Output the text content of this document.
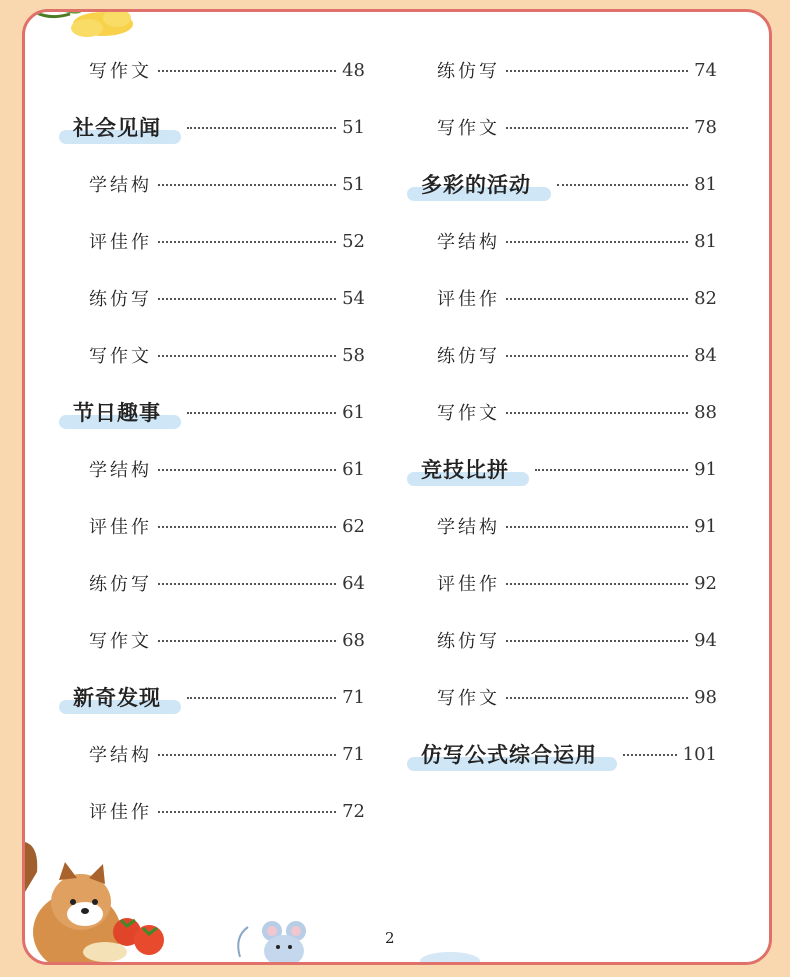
写作文	48
社会见闻	51
学结构	51
评佳作	52
练仿写	54
写作文	58
节日趣事	61
学结构	61
评佳作	62
练仿写	64
写作文	68
新奇发现	71
学结构	71
评佳作	72
练仿写	74
写作文	78
多彩的活动	81
学结构	81
评佳作	82
练仿写	84
写作文	88
竞技比拼	91
学结构	91
评佳作	92
练仿写	94
写作文	98
仿写公式综合运用	101
2
